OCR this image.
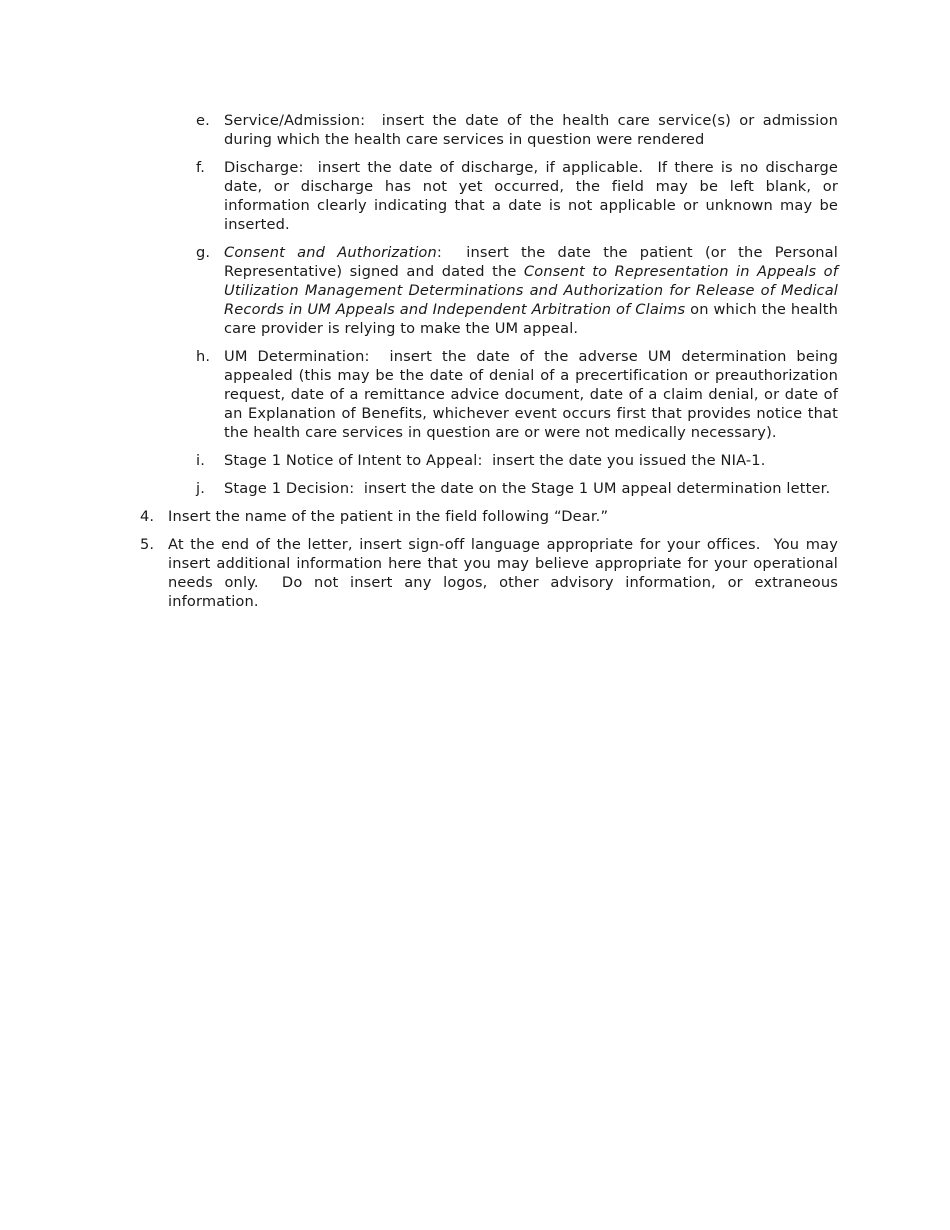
e. Service/Admission:  insert the date of the health care service(s) or admission during which the health care services in question were rendered

f. Discharge:  insert the date of discharge, if applicable.  If there is no discharge date, or discharge has not yet occurred, the field may be left blank, or information clearly indicating that a date is not applicable or unknown may be inserted.

g. Consent and Authorization:  insert the date the patient (or the Personal Representative) signed and dated the Consent to Representation in Appeals of Utilization Management Determinations and Authorization for Release of Medical Records in UM Appeals and Independent Arbitration of Claims on which the health care provider is relying to make the UM appeal.

h. UM Determination:  insert the date of the adverse UM determination being appealed (this may be the date of denial of a precertification or preauthorization request, date of a remittance advice document, date of a claim denial, or date of an Explanation of Benefits, whichever event occurs first that provides notice that the health care services in question are or were not medically necessary).

i. Stage 1 Notice of Intent to Appeal:  insert the date you issued the NIA-1.

j. Stage 1 Decision:  insert the date on the Stage 1 UM appeal determination letter.

4. Insert the name of the patient in the field following “Dear.”

5. At the end of the letter, insert sign-off language appropriate for your offices.  You may insert additional information here that you may believe appropriate for your operational needs only.  Do not insert any logos, other advisory information, or extraneous information.
